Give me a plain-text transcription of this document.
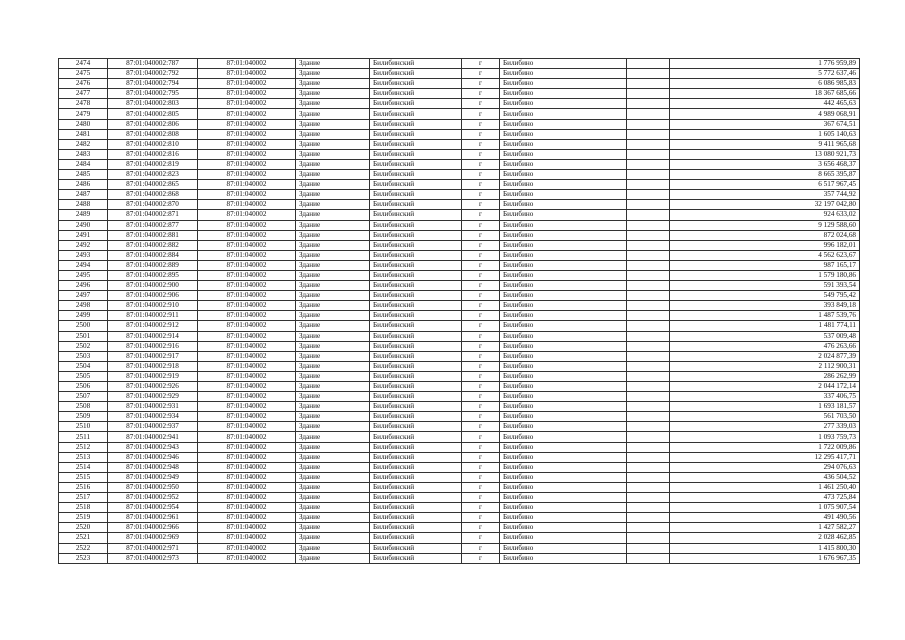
2474	87:01:040002:787	87:01:040002	Здание	Билибинский	г	Билибино		1 776 959,89
2475	87:01:040002:792	87:01:040002	Здание	Билибинский	г	Билибино		5 772 637,46
2476	87:01:040002:794	87:01:040002	Здание	Билибинский	г	Билибино		6 086 985,83
2477	87:01:040002:795	87:01:040002	Здание	Билибинский	г	Билибино		18 367 685,66
2478	87:01:040002:803	87:01:040002	Здание	Билибинский	г	Билибино		442 465,63
2479	87:01:040002:805	87:01:040002	Здание	Билибинский	г	Билибино		4 989 068,91
2480	87:01:040002:806	87:01:040002	Здание	Билибинский	г	Билибино		367 674,51
2481	87:01:040002:808	87:01:040002	Здание	Билибинский	г	Билибино		1 605 140,63
2482	87:01:040002:810	87:01:040002	Здание	Билибинский	г	Билибино		9 411 965,68
2483	87:01:040002:816	87:01:040002	Здание	Билибинский	г	Билибино		13 080 921,73
2484	87:01:040002:819	87:01:040002	Здание	Билибинский	г	Билибино		3 656 468,37
2485	87:01:040002:823	87:01:040002	Здание	Билибинский	г	Билибино		8 665 395,87
2486	87:01:040002:865	87:01:040002	Здание	Билибинский	г	Билибино		6 517 967,45
2487	87:01:040002:868	87:01:040002	Здание	Билибинский	г	Билибино		357 744,92
2488	87:01:040002:870	87:01:040002	Здание	Билибинский	г	Билибино		32 197 042,80
2489	87:01:040002:871	87:01:040002	Здание	Билибинский	г	Билибино		924 633,02
2490	87:01:040002:877	87:01:040002	Здание	Билибинский	г	Билибино		9 129 588,60
2491	87:01:040002:881	87:01:040002	Здание	Билибинский	г	Билибино		872 024,68
2492	87:01:040002:882	87:01:040002	Здание	Билибинский	г	Билибино		996 182,01
2493	87:01:040002:884	87:01:040002	Здание	Билибинский	г	Билибино		4 562 623,67
2494	87:01:040002:889	87:01:040002	Здание	Билибинский	г	Билибино		987 165,17
2495	87:01:040002:895	87:01:040002	Здание	Билибинский	г	Билибино		1 579 180,86
2496	87:01:040002:900	87:01:040002	Здание	Билибинский	г	Билибино		591 393,54
2497	87:01:040002:906	87:01:040002	Здание	Билибинский	г	Билибино		549 795,42
2498	87:01:040002:910	87:01:040002	Здание	Билибинский	г	Билибино		393 849,18
2499	87:01:040002:911	87:01:040002	Здание	Билибинский	г	Билибино		1 487 539,76
2500	87:01:040002:912	87:01:040002	Здание	Билибинский	г	Билибино		1 481 774,11
2501	87:01:040002:914	87:01:040002	Здание	Билибинский	г	Билибино		537 009,48
2502	87:01:040002:916	87:01:040002	Здание	Билибинский	г	Билибино		476 263,66
2503	87:01:040002:917	87:01:040002	Здание	Билибинский	г	Билибино		2 024 877,39
2504	87:01:040002:918	87:01:040002	Здание	Билибинский	г	Билибино		2 112 900,31
2505	87:01:040002:919	87:01:040002	Здание	Билибинский	г	Билибино		286 262,99
2506	87:01:040002:926	87:01:040002	Здание	Билибинский	г	Билибино		2 044 172,14
2507	87:01:040002:929	87:01:040002	Здание	Билибинский	г	Билибино		337 406,75
2508	87:01:040002:931	87:01:040002	Здание	Билибинский	г	Билибино		1 693 181,57
2509	87:01:040002:934	87:01:040002	Здание	Билибинский	г	Билибино		561 703,50
2510	87:01:040002:937	87:01:040002	Здание	Билибинский	г	Билибино		277 339,03
2511	87:01:040002:941	87:01:040002	Здание	Билибинский	г	Билибино		1 093 759,73
2512	87:01:040002:943	87:01:040002	Здание	Билибинский	г	Билибино		1 722 009,86
2513	87:01:040002:946	87:01:040002	Здание	Билибинский	г	Билибино		12 295 417,71
2514	87:01:040002:948	87:01:040002	Здание	Билибинский	г	Билибино		294 076,63
2515	87:01:040002:949	87:01:040002	Здание	Билибинский	г	Билибино		436 504,52
2516	87:01:040002:950	87:01:040002	Здание	Билибинский	г	Билибино		1 461 250,40
2517	87:01:040002:952	87:01:040002	Здание	Билибинский	г	Билибино		473 725,84
2518	87:01:040002:954	87:01:040002	Здание	Билибинский	г	Билибино		1 075 907,54
2519	87:01:040002:961	87:01:040002	Здание	Билибинский	г	Билибино		491 490,56
2520	87:01:040002:966	87:01:040002	Здание	Билибинский	г	Билибино		1 427 582,27
2521	87:01:040002:969	87:01:040002	Здание	Билибинский	г	Билибино		2 028 462,85
2522	87:01:040002:971	87:01:040002	Здание	Билибинский	г	Билибино		1 415 800,30
2523	87:01:040002:973	87:01:040002	Здание	Билибинский	г	Билибино		1 676 967,35
